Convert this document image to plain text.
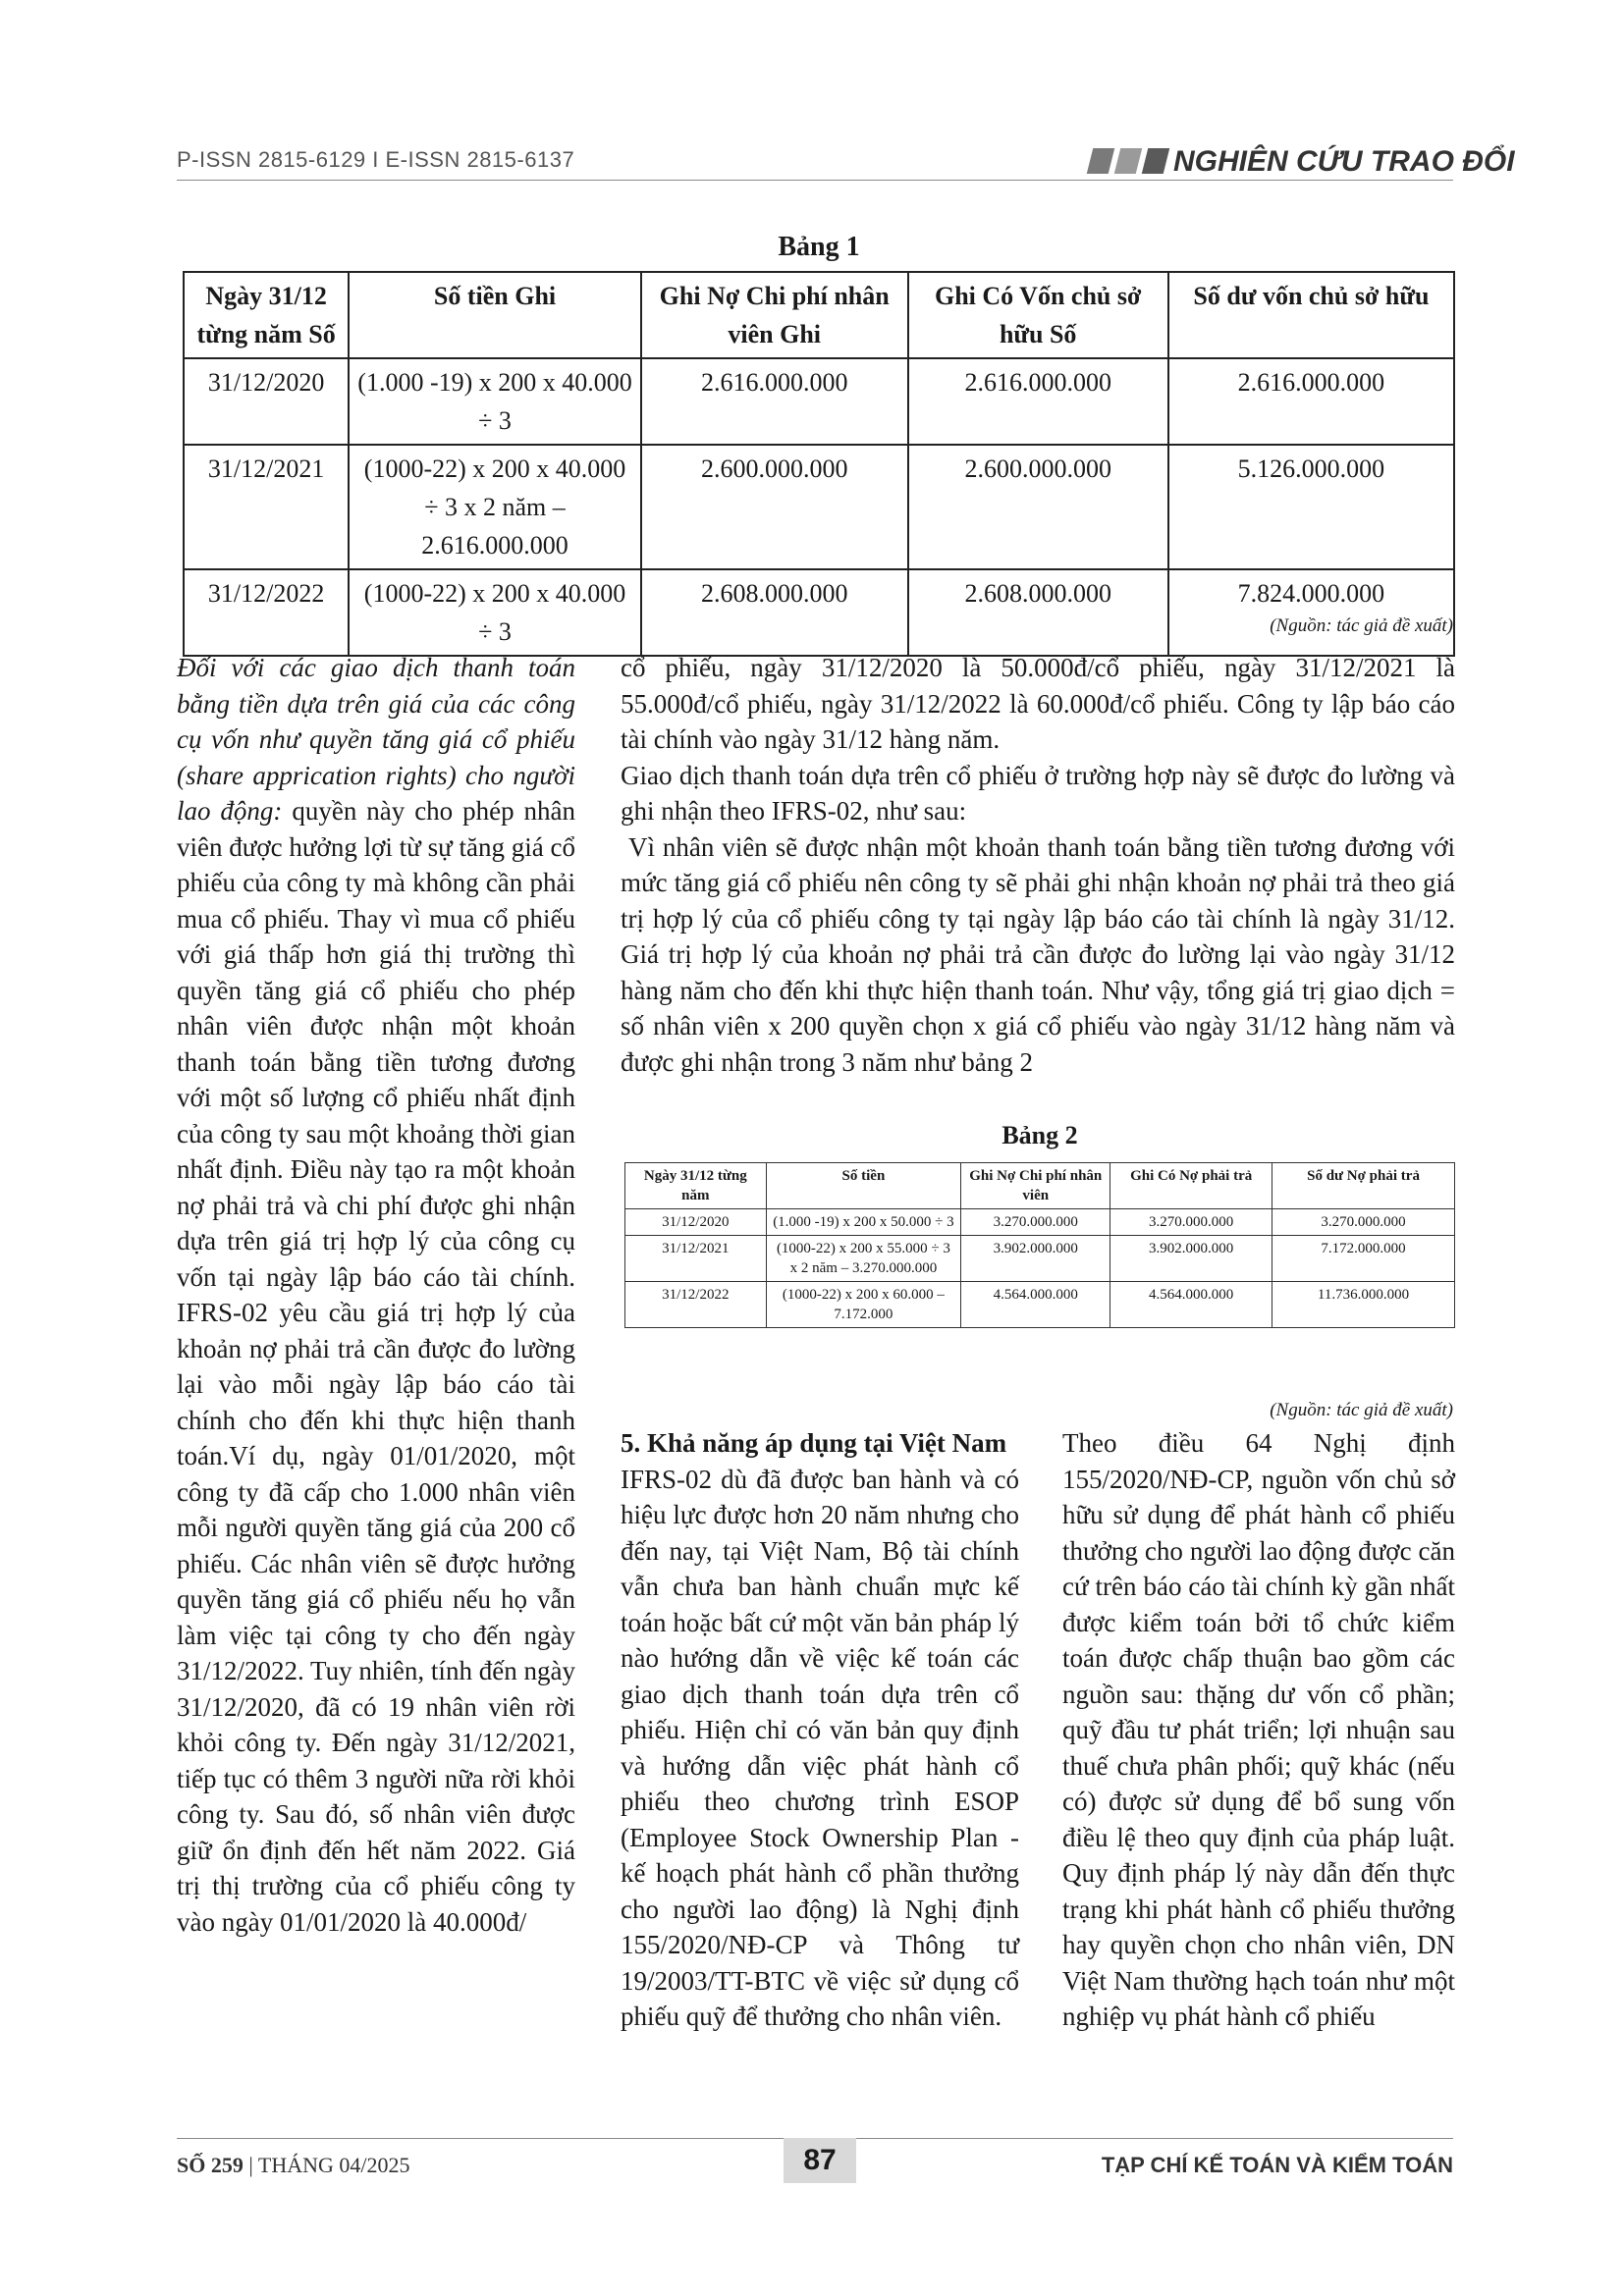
P-ISSN 2815-6129 I E-ISSN 2815-6137	NGHIÊN CỨU TRAO ĐỔI
Bảng 1
Ngày 31/12 từng năm Số	Số tiền Ghi	Ghi Nợ Chi phí nhân viên Ghi	Ghi Có Vốn chủ sở hữu Số	Số dư vốn chủ sở hữu
31/12/2020	(1.000 -19) x 200 x 40.000 ÷ 3	2.616.000.000	2.616.000.000	2.616.000.000
31/12/2021	(1000-22) x 200 x 40.000 ÷ 3 x 2 năm – 2.616.000.000	2.600.000.000	2.600.000.000	5.126.000.000
31/12/2022	(1000-22) x 200 x 40.000 ÷ 3	2.608.000.000	2.608.000.000	7.824.000.000
(Nguồn: tác giả đề xuất)

Đối với các giao dịch thanh toán bằng tiền dựa trên giá của các công cụ vốn như quyền tăng giá cổ phiếu (share apprication rights) cho người lao động: quyền này cho phép nhân viên được hưởng lợi từ sự tăng giá cổ phiếu của công ty mà không cần phải mua cổ phiếu. Thay vì mua cổ phiếu với giá thấp hơn giá thị trường thì quyền tăng giá cổ phiếu cho phép nhân viên được nhận một khoản thanh toán bằng tiền tương đương với một số lượng cổ phiếu nhất định của công ty sau một khoảng thời gian nhất định. Điều này tạo ra một khoản nợ phải trả và chi phí được ghi nhận dựa trên giá trị hợp lý của công cụ vốn tại ngày lập báo cáo tài chính. IFRS-02 yêu cầu giá trị hợp lý của khoản nợ phải trả cần được đo lường lại vào mỗi ngày lập báo cáo tài chính cho đến khi thực hiện thanh toán.Ví dụ, ngày 01/01/2020, một công ty đã cấp cho 1.000 nhân viên mỗi người quyền tăng giá của 200 cổ phiếu. Các nhân viên sẽ được hưởng quyền tăng giá cổ phiếu nếu họ vẫn làm việc tại công ty cho đến ngày 31/12/2022. Tuy nhiên, tính đến ngày 31/12/2020, đã có 19 nhân viên rời khỏi công ty. Đến ngày 31/12/2021, tiếp tục có thêm 3 người nữa rời khỏi công ty. Sau đó, số nhân viên được giữ ổn định đến hết năm 2022. Giá trị thị trường của cổ phiếu công ty vào ngày 01/01/2020 là 40.000đ/

cổ phiếu, ngày 31/12/2020 là 50.000đ/cổ phiếu, ngày 31/12/2021 là 55.000đ/cổ phiếu, ngày 31/12/2022 là 60.000đ/cổ phiếu. Công ty lập báo cáo tài chính vào ngày 31/12 hàng năm.

Giao dịch thanh toán dựa trên cổ phiếu ở trường hợp này sẽ được đo lường và ghi nhận theo IFRS-02, như sau:

Vì nhân viên sẽ được nhận một khoản thanh toán bằng tiền tương đương với mức tăng giá cổ phiếu nên công ty sẽ phải ghi nhận khoản nợ phải trả theo giá trị hợp lý của cổ phiếu công ty tại ngày lập báo cáo tài chính là ngày 31/12. Giá trị hợp lý của khoản nợ phải trả cần được đo lường lại vào ngày 31/12 hàng năm cho đến khi thực hiện thanh toán. Như vậy, tổng giá trị giao dịch = số nhân viên x 200 quyền chọn x giá cổ phiếu vào ngày 31/12 hàng năm và được ghi nhận trong 3 năm như bảng 2

Bảng 2
Ngày 31/12 từng năm	Số tiền	Ghi Nợ Chi phí nhân viên	Ghi Có Nợ phải trả	Số dư Nợ phải trả
31/12/2020	(1.000 -19) x 200 x 50.000 ÷ 3	3.270.000.000	3.270.000.000	3.270.000.000
31/12/2021	(1000-22) x 200 x 55.000 ÷ 3 x 2 năm – 3.270.000.000	3.902.000.000	3.902.000.000	7.172.000.000
31/12/2022	(1000-22) x 200 x 60.000 – 7.172.000	4.564.000.000	4.564.000.000	11.736.000.000
(Nguồn: tác giả đề xuất)

5. Khả năng áp dụng tại Việt Nam

IFRS-02 dù đã được ban hành và có hiệu lực được hơn 20 năm nhưng cho đến nay, tại Việt Nam, Bộ tài chính vẫn chưa ban hành chuẩn mực kế toán hoặc bất cứ một văn bản pháp lý nào hướng dẫn về việc kế toán các giao dịch thanh toán dựa trên cổ phiếu. Hiện chỉ có văn bản quy định và hướng dẫn việc phát hành cổ phiếu theo chương trình ESOP (Employee Stock Ownership Plan - kế hoạch phát hành cổ phần thưởng cho người lao động) là Nghị định 155/2020/NĐ-CP và Thông tư 19/2003/TT-BTC về việc sử dụng cổ phiếu quỹ để thưởng cho nhân viên.

Theo điều 64 Nghị định 155/2020/NĐ-CP, nguồn vốn chủ sở hữu sử dụng để phát hành cổ phiếu thưởng cho người lao động được căn cứ trên báo cáo tài chính kỳ gần nhất được kiểm toán bởi tổ chức kiểm toán được chấp thuận bao gồm các nguồn sau: thặng dư vốn cổ phần; quỹ đầu tư phát triển; lợi nhuận sau thuế chưa phân phối; quỹ khác (nếu có) được sử dụng để bổ sung vốn điều lệ theo quy định của pháp luật. Quy định pháp lý này dẫn đến thực trạng khi phát hành cổ phiếu thưởng hay quyền chọn cho nhân viên, DN Việt Nam thường hạch toán như một nghiệp vụ phát hành cổ phiếu

SỐ 259 | THÁNG 04/2025	87	TẠP CHÍ KẾ TOÁN VÀ KIỂM TOÁN
